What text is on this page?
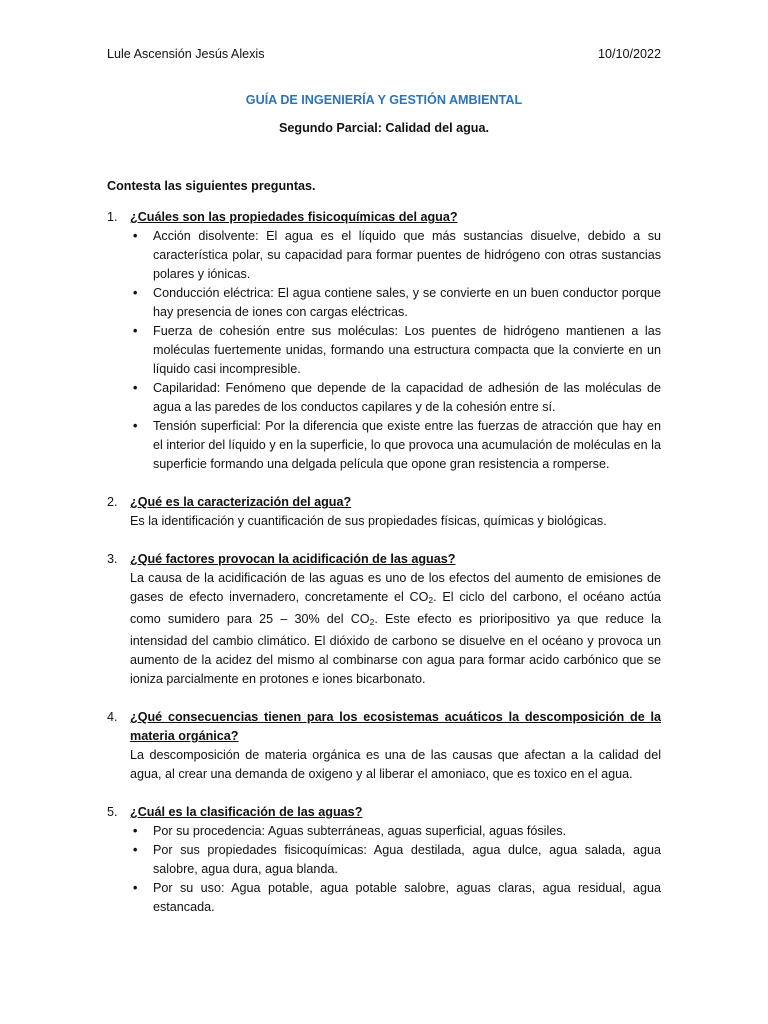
Lule Ascensión Jesús Alexis	10/10/2022
GUÍA DE INGENIERÍA Y GESTIÓN AMBIENTAL
Segundo Parcial: Calidad del agua.
Contesta las siguientes preguntas.
1. ¿Cuáles son las propiedades fisicoquímicas del agua?
• Acción disolvente: El agua es el líquido que más sustancias disuelve, debido a su característica polar, su capacidad para formar puentes de hidrógeno con otras sustancias polares y iónicas.
• Conducción eléctrica: El agua contiene sales, y se convierte en un buen conductor porque hay presencia de iones con cargas eléctricas.
• Fuerza de cohesión entre sus moléculas: Los puentes de hidrógeno mantienen a las moléculas fuertemente unidas, formando una estructura compacta que la convierte en un líquido casi incompresible.
• Capilaridad: Fenómeno que depende de la capacidad de adhesión de las moléculas de agua a las paredes de los conductos capilares y de la cohesión entre sí.
• Tensión superficial: Por la diferencia que existe entre las fuerzas de atracción que hay en el interior del líquido y en la superficie, lo que provoca una acumulación de moléculas en la superficie formando una delgada película que opone gran resistencia a romperse.
2. ¿Qué es la caracterización del agua?
Es la identificación y cuantificación de sus propiedades físicas, químicas y biológicas.
3. ¿Qué factores provocan la acidificación de las aguas?
La causa de la acidificación de las aguas es uno de los efectos del aumento de emisiones de gases de efecto invernadero, concretamente el $CO_2$. El ciclo del carbono, el océano actúa como sumidero para 25 – 30% del $CO_2$. Este efecto es prioripositivo ya que reduce la intensidad del cambio climático. El dióxido de carbono se disuelve en el océano y provoca un aumento de la acidez del mismo al combinarse con agua para formar acido carbónico que se ioniza parcialmente en protones e iones bicarbonato.
4. ¿Qué consecuencias tienen para los ecosistemas acuáticos la descomposición de la materia orgánica?
La descomposición de materia orgánica es una de las causas que afectan a la calidad del agua, al crear una demanda de oxigeno y al liberar el amoniaco, que es toxico en el agua.
5. ¿Cuál es la clasificación de las aguas?
• Por su procedencia: Aguas subterráneas, aguas superficial, aguas fósiles.
• Por sus propiedades fisicoquímicas: Agua destilada, agua dulce, agua salada, agua salobre, agua dura, agua blanda.
• Por su uso: Agua potable, agua potable salobre, aguas claras, agua residual, agua estancada.
